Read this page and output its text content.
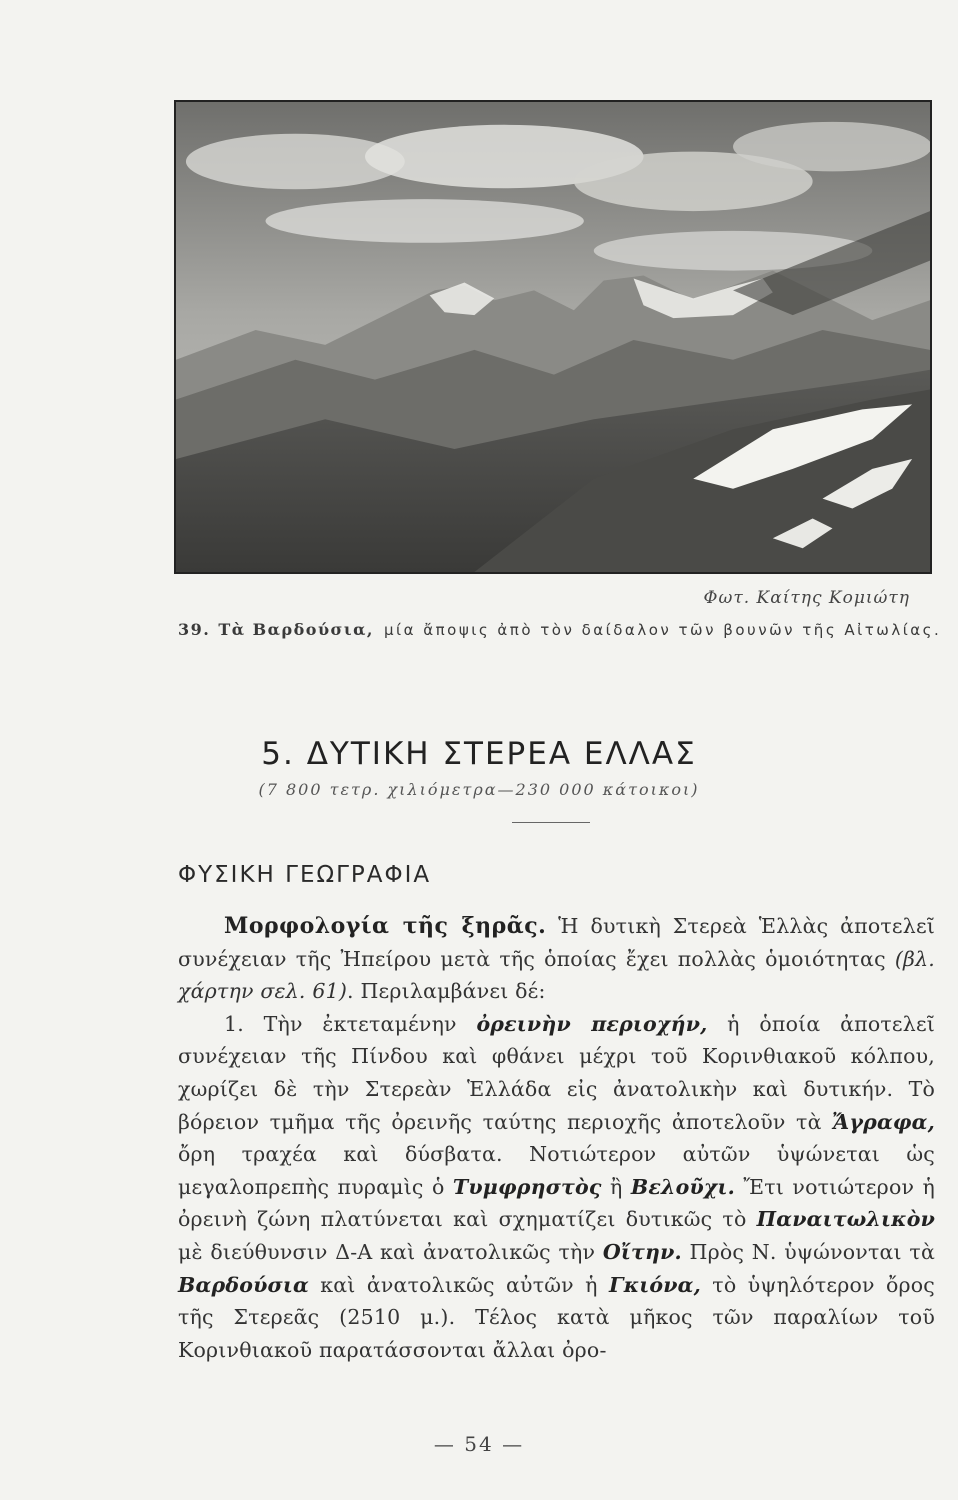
Φωτ. Καίτης Κομιώτη
39. Τὰ Βαρδούσια, μία ἄποψις ἀπὸ τὸν δαίδαλον τῶν βουνῶν τῆς Αἰτωλίας.
5. ΔΥΤΙΚΗ ΣΤΕΡΕΑ ΕΛΛΑΣ
(7 800 τετρ. χιλιόμετρα—230 000 κάτοικοι)
ΦΥΣΙΚΗ ΓΕΩΓΡΑΦΙΑ

Μορφολογία τῆς ξηρᾶς. Ἡ δυτικὴ Στερεὰ Ἑλλὰς ἀποτελεῖ συνέχειαν τῆς Ἠπείρου μετὰ τῆς ὁποίας ἔχει πολλὰς ὁμοιότητας (βλ. χάρτην σελ. 61). Περιλαμβάνει δέ:

1. Τὴν ἐκτεταμένην ὀρεινὴν περιοχήν, ἡ ὁποία ἀποτελεῖ συνέχειαν τῆς Πίνδου καὶ φθάνει μέχρι τοῦ Κορινθιακοῦ κόλπου, χωρίζει δὲ τὴν Στερεὰν Ἑλλάδα εἰς ἀνατολικὴν καὶ δυτικήν. Τὸ βόρειον τμῆμα τῆς ὀρεινῆς ταύτης περιοχῆς ἀποτελοῦν τὰ Ἄγραφα, ὄρη τραχέα καὶ δύσβατα. Νοτιώτερον αὐτῶν ὑψώνεται ὡς μεγαλοπρεπὴς πυραμὶς ὁ Τυμφρηστὸς ἢ Βελοῦχι. Ἔτι νοτιώτερον ἡ ὀρεινὴ ζώνη πλατύνεται καὶ σχηματίζει δυτικῶς τὸ Παναιτωλικὸν μὲ διεύθυνσιν Δ-Α καὶ ἀνατολικῶς τὴν Οἴτην. Πρὸς Ν. ὑψώνονται τὰ Βαρδούσια καὶ ἀνατολικῶς αὐτῶν ἡ Γκιόνα, τὸ ὑψηλότερον ὄρος τῆς Στερεᾶς (2510 μ.). Τέλος κατὰ μῆκος τῶν παραλίων τοῦ Κορινθιακοῦ παρατάσσονται ἄλλαι ὀρο-

— 54 —
